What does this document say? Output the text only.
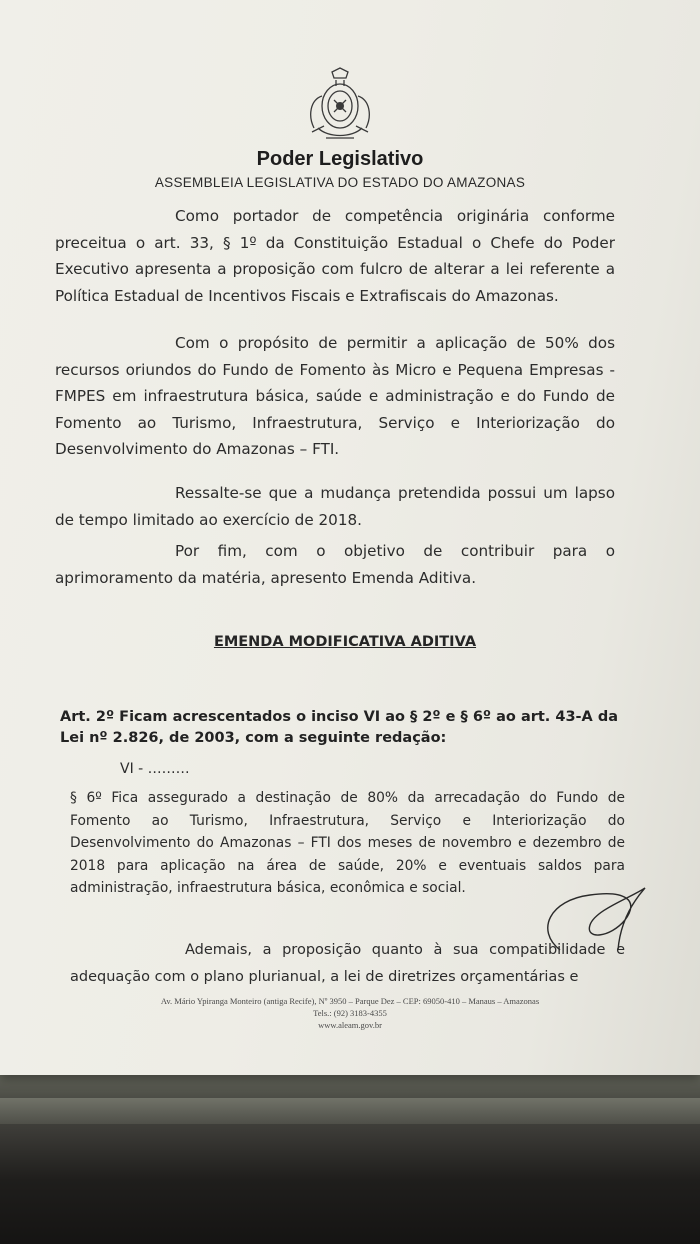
Poder Legislativo
ASSEMBLEIA LEGISLATIVA DO ESTADO DO AMAZONAS
Como portador de competência originária conforme preceitua o art. 33, § 1º da Constituição Estadual o Chefe do Poder Executivo apresenta a proposição com fulcro de alterar a lei referente a Política Estadual de Incentivos Fiscais e Extrafiscais do Amazonas.
Com o propósito de permitir a aplicação de 50% dos recursos oriundos do Fundo de Fomento às Micro e Pequena Empresas - FMPES em infraestrutura básica, saúde e administração e do Fundo de Fomento ao Turismo, Infraestrutura, Serviço e Interiorização do Desenvolvimento do Amazonas – FTI.
Ressalte-se que a mudança pretendida possui um lapso de tempo limitado ao exercício de 2018.
Por fim, com o objetivo de contribuir para o aprimoramento da matéria, apresento Emenda Aditiva.
EMENDA MODIFICATIVA ADITIVA
Art. 2º Ficam acrescentados o inciso VI ao § 2º e § 6º ao art. 43-A da Lei nº 2.826, de 2003, com a seguinte redação:
VI - ………
§ 6º Fica assegurado a destinação de 80% da arrecadação do Fundo de Fomento ao Turismo, Infraestrutura, Serviço e Interiorização do Desenvolvimento do Amazonas – FTI dos meses de novembro e dezembro de 2018 para aplicação na área de saúde, 20% e eventuais saldos para administração, infraestrutura básica, econômica e social.
Ademais, a proposição quanto à sua compatibilidade e adequação com o plano plurianual, a lei de diretrizes orçamentárias e
Av. Mário Ypiranga Monteiro (antiga Recife), Nº 3950 – Parque Dez – CEP: 69050-410 – Manaus – Amazonas
Tels.: (92) 3183-4355
www.aleam.gov.br
